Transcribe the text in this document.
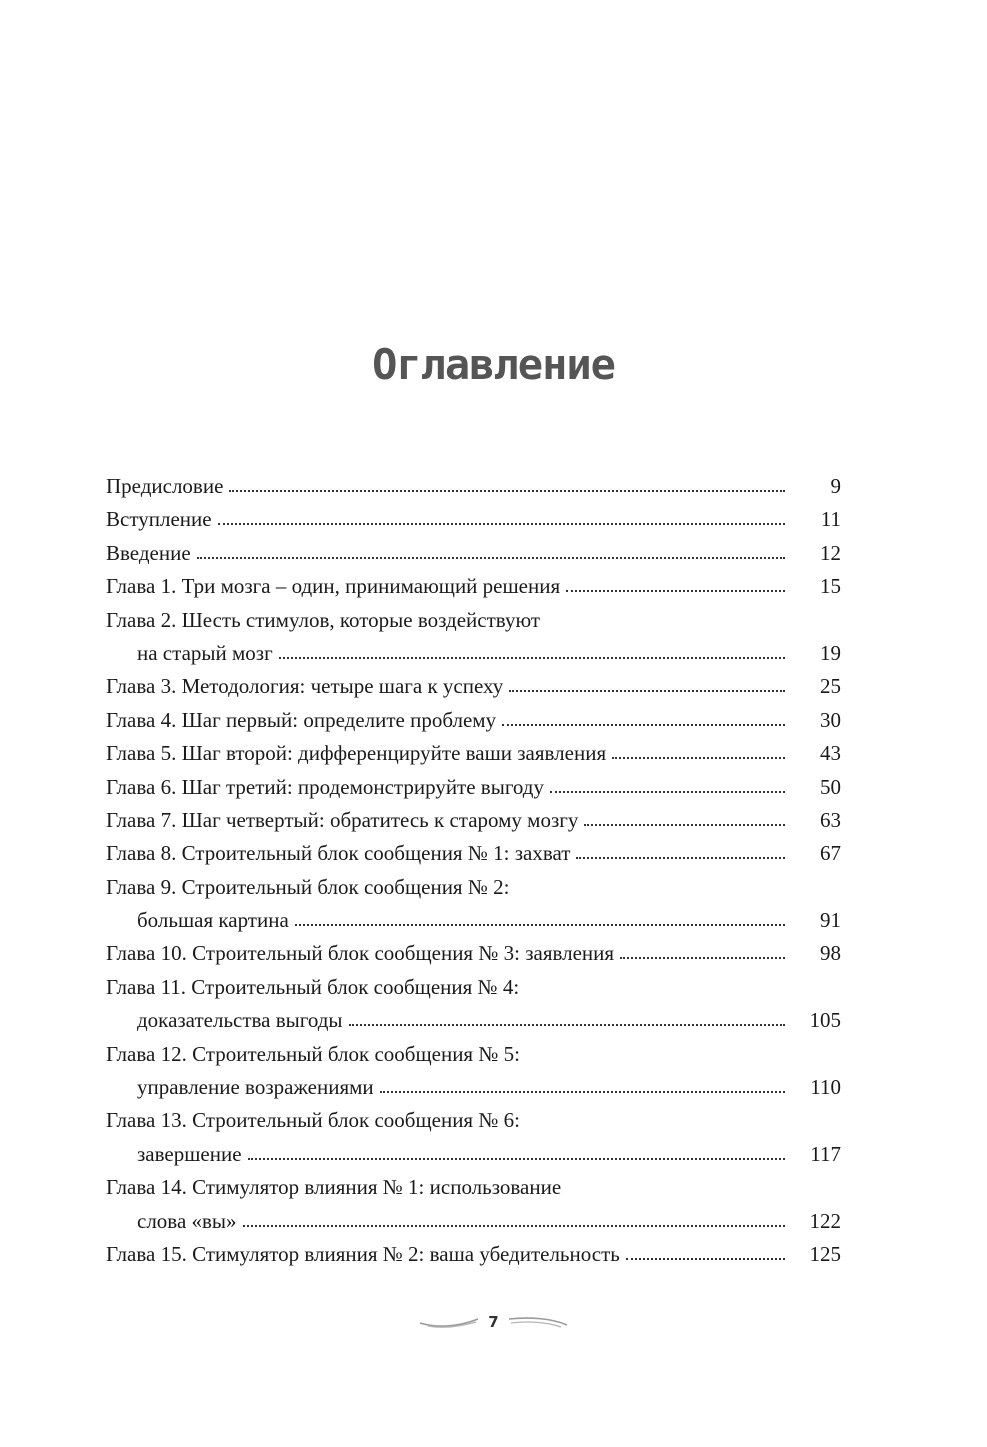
Оглавление
Предисловие	9
Вступление	11
Введение	12
Глава 1. Три мозга – один, принимающий решения	15
Глава 2. Шесть стимулов, которые воздействуют
на старый мозг	19
Глава 3. Методология: четыре шага к успеху	25
Глава 4. Шаг первый: определите проблему	30
Глава 5. Шаг второй: дифференцируйте ваши заявления	43
Глава 6. Шаг третий: продемонстрируйте выгоду	50
Глава 7. Шаг четвертый: обратитесь к старому мозгу	63
Глава 8. Строительный блок сообщения № 1: захват	67
Глава 9. Строительный блок сообщения № 2:
большая картина	91
Глава 10. Строительный блок сообщения № 3: заявления	98
Глава 11. Строительный блок сообщения № 4:
доказательства выгоды	105
Глава 12. Строительный блок сообщения № 5:
управление возражениями	110
Глава 13. Строительный блок сообщения № 6:
завершение	117
Глава 14. Стимулятор влияния № 1: использование
слова «вы»	122
Глава 15. Стимулятор влияния № 2: ваша убедительность	125
7
